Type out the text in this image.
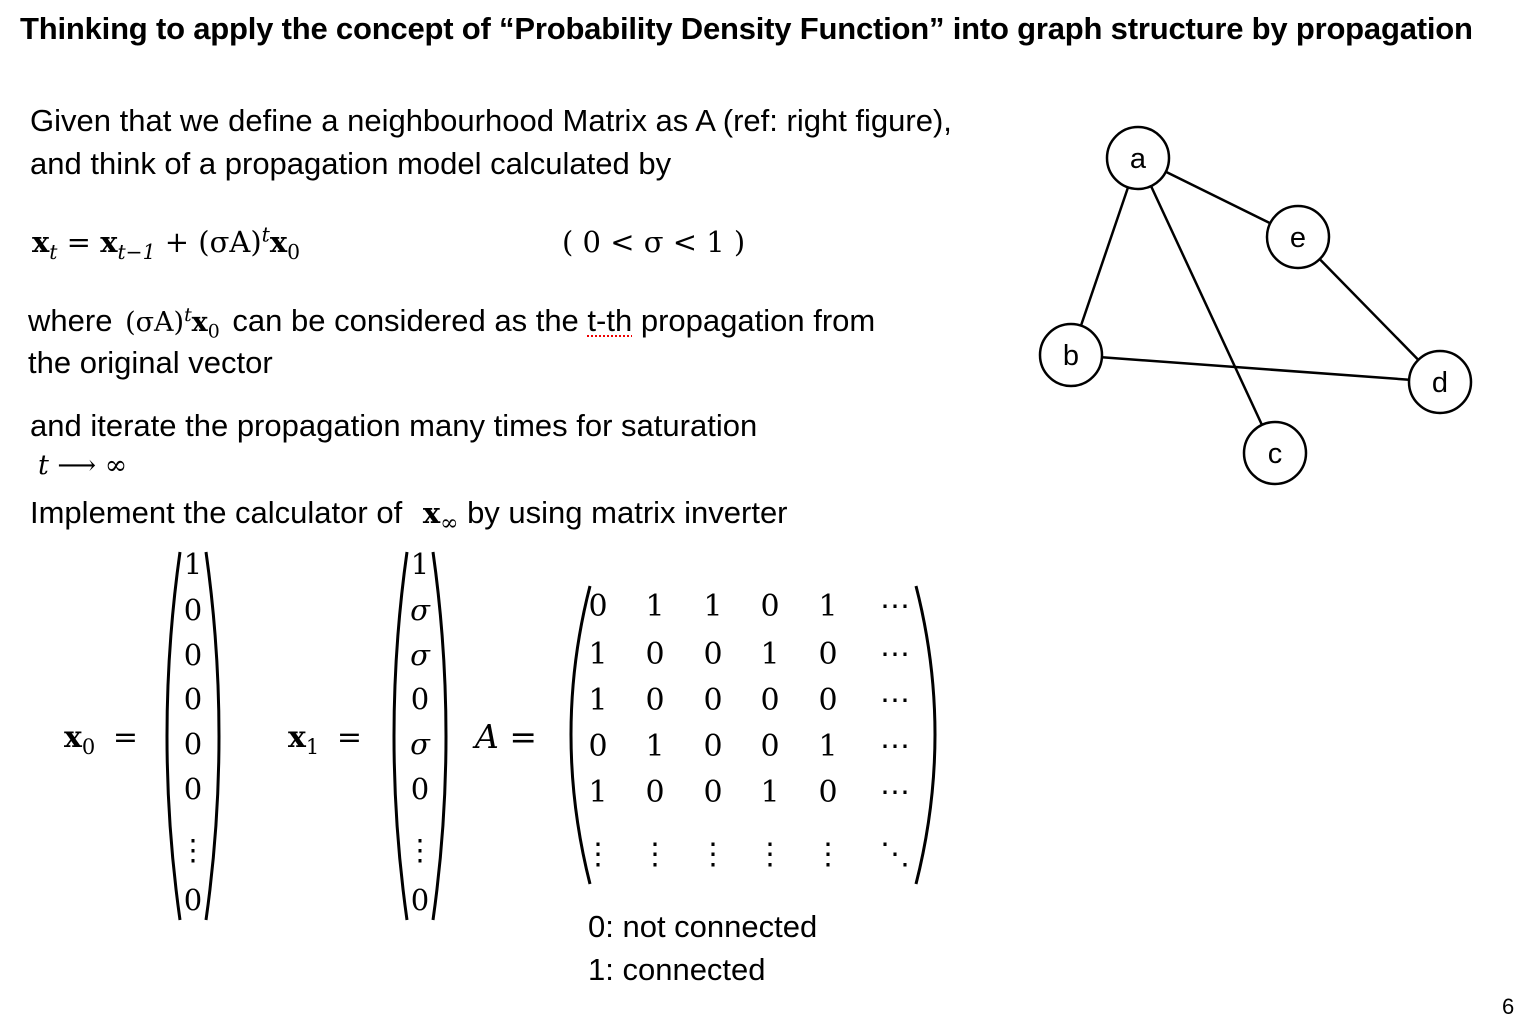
Thinking to apply the concept of “Probability Density Function” into graph structure by propagation
Given that we define a neighbourhood Matrix as A (ref: right figure),
and think of a propagation model calculated by
$x_t = x_{t-1} + (\sigma A)^tx_0$	( 0 < σ < 1 )
where $(\sigma A)^tx_0$ can be considered as the t-th propagation from
the original vector
and iterate the propagation many times for saturation
t ⟶ ∞
Implement the calculator of $x_\infty$ by using matrix inverter
$x_0$ =
1
0
0
0
0
0
⋮
0
$x_1$ =
1
σ
σ
0
σ
0
⋮
0
A =
0 1 1 0 1 ⋯
1 0 0 1 0 ⋯
1 0 0 0 0 ⋯
0 1 0 0 1 ⋯
1 0 0 1 0 ⋯
⋮ ⋮ ⋮ ⋮ ⋮ ⋱
0: not connected
1: connected
a
b
c
d
e
6
